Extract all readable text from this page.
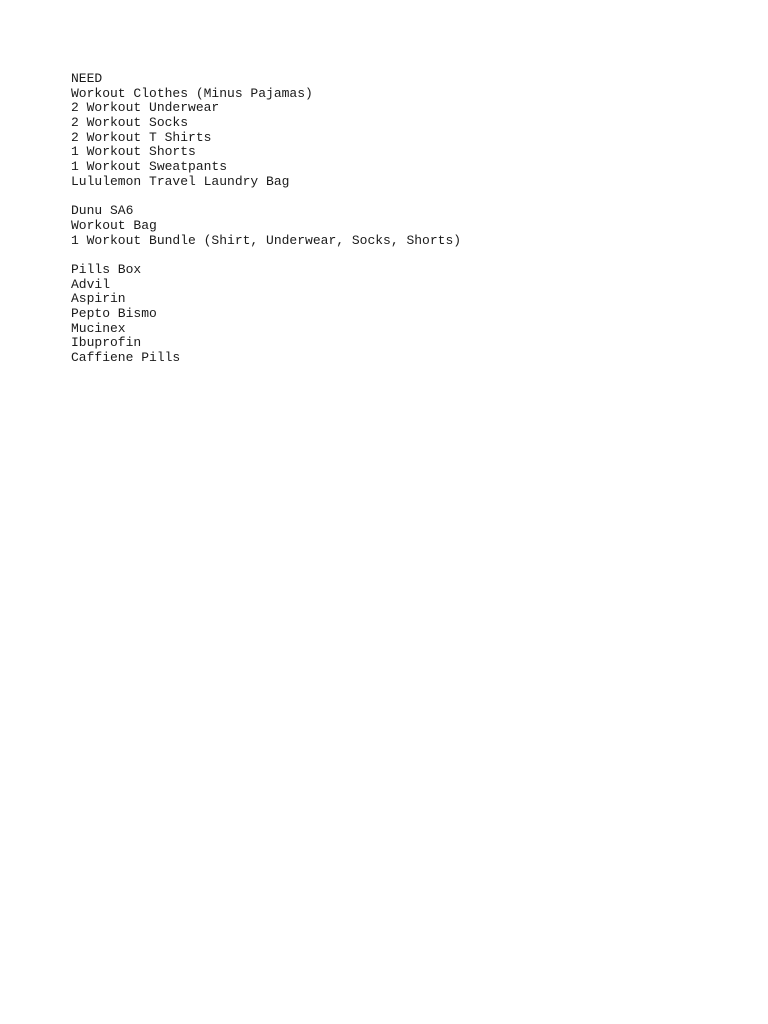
NEED
Workout Clothes (Minus Pajamas)
2 Workout Underwear
2 Workout Socks
2 Workout T Shirts
1 Workout Shorts
1 Workout Sweatpants
Lululemon Travel Laundry Bag
Dunu SA6
Workout Bag
1 Workout Bundle (Shirt, Underwear, Socks, Shorts)
Pills Box
Advil
Aspirin
Pepto Bismo
Mucinex
Ibuprofin
Caffiene Pills
